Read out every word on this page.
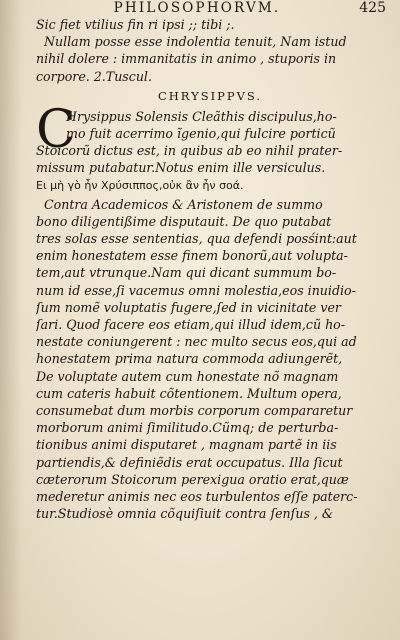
PHILOSOPHORVM.	425
Sic fiet vtilius fin ri ipsi ;; tibi ;.
Nullam posse esse indolentia tenuit, Nam istud
nihil dolere : immanitatis in animo , stuporis in
corpore. 2.Tuscul.
CHRYSIPPVS.
C
Hrysippus Solensis Cleãthis discipulus,ho-
mo fuit acerrimo ĩgenio,qui fulcire porticũ
Stoicorũ dictus est, in quibus ab eo nihil prater-
missum putabatur.Notus enim ille versiculus.
Ει μὴ γὸ ἦν Χρύσιππος,οὐκ ἂν ἦν σοά.
Contra Academicos & Aristonem de summo
bono diligentißime disputauit. De quo putabat
tres solas esse sententias, qua defendi posśint:aut
enim honestatem esse finem bonorũ,aut volupta-
tem,aut vtrunque.Nam qui dicant summum bo-
num id esse,ſi vacemus omni molestia,eos inuidio-
ſum nomẽ voluptatis fugere,ſed in vicinitate ver
ſari. Quod facere eos etiam,qui illud idem,cũ ho-
nestate coniungerent : nec multo secus eos,qui ad
honestatem prima natura commoda adiungerẽt,
De voluptate autem cum honestate nõ magnam
cum cateris habuit cõtentionem. Multum opera,
consumebat dum morbis corporum compararetur
morborum animi ſimilitudo.Cũmq; de perturba-
tionibus animi disputaret , magnam partẽ in iis
partiendis,& definiẽdis erat occupatus. Illa ſicut
cæterorum Stoicorum perexigua oratio erat,quæ
mederetur animis nec eos turbulentos eſſe paterc-
tur.Studiosè omnia cõquiſiuit contra ſenſus , &
